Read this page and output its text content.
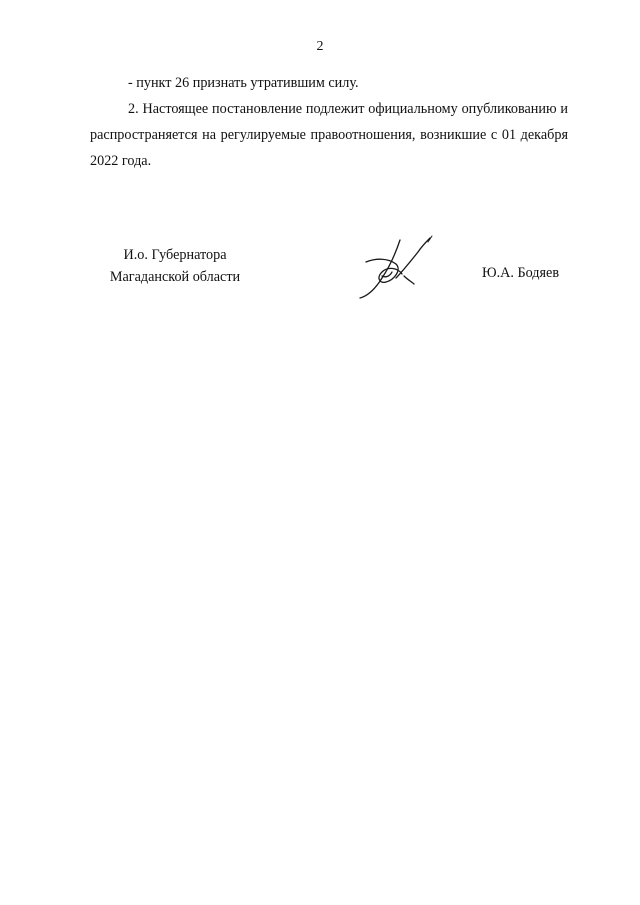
2

- пункт 26 признать утратившим силу.

2. Настоящее постановление подлежит официальному опубликованию и распространяется на регулируемые правоотношения, возникшие с 01 декабря 2022 года.

И.о. Губернатора
Магаданской области	Ю.А. Бодяев
